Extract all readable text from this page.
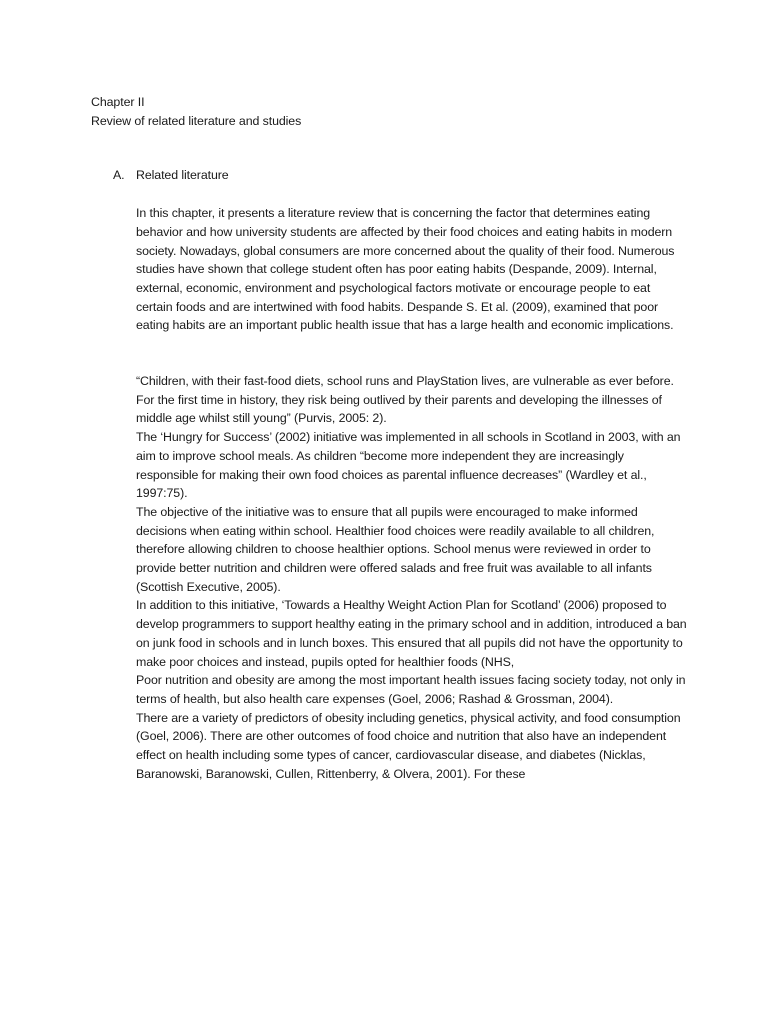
Chapter II

Review of related literature and studies

A. Related literature

In this chapter, it presents a literature review that is concerning the factor that determines eating behavior and how university students are affected by their food choices and eating habits in modern society. Nowadays, global consumers are more concerned about the quality of their food. Numerous studies have shown that college student often has poor eating habits (Despande, 2009). Internal, external, economic, environment and psychological factors motivate or encourage people to eat certain foods and are intertwined with food habits. Despande S. Et al. (2009), examined that poor eating habits are an important public health issue that has a large health and economic implications.

“Children, with their fast-food diets, school runs and PlayStation lives, are vulnerable as ever before. For the first time in history, they risk being outlived by their parents and developing the illnesses of middle age whilst still young” (Purvis, 2005: 2).

The ‘Hungry for Success’ (2002) initiative was implemented in all schools in Scotland in 2003, with an aim to improve school meals. As children “become more independent they are increasingly responsible for making their own food choices as parental influence decreases” (Wardley et al., 1997:75).

The objective of the initiative was to ensure that all pupils were encouraged to make informed decisions when eating within school. Healthier food choices were readily available to all children, therefore allowing children to choose healthier options. School menus were reviewed in order to provide better nutrition and children were offered salads and free fruit was available to all infants (Scottish Executive, 2005).

In addition to this initiative, ‘Towards a Healthy Weight Action Plan for Scotland’ (2006) proposed to develop programmers to support healthy eating in the primary school and in addition, introduced a ban on junk food in schools and in lunch boxes. This ensured that all pupils did not have the opportunity to make poor choices and instead, pupils opted for healthier foods (NHS,

Poor nutrition and obesity are among the most important health issues facing society today, not only in terms of health, but also health care expenses (Goel, 2006; Rashad & Grossman, 2004).

There are a variety of predictors of obesity including genetics, physical activity, and food consumption (Goel, 2006). There are other outcomes of food choice and nutrition that also have an independent effect on health including some types of cancer, cardiovascular disease, and diabetes (Nicklas, Baranowski, Baranowski, Cullen, Rittenberry, & Olvera, 2001). For these
